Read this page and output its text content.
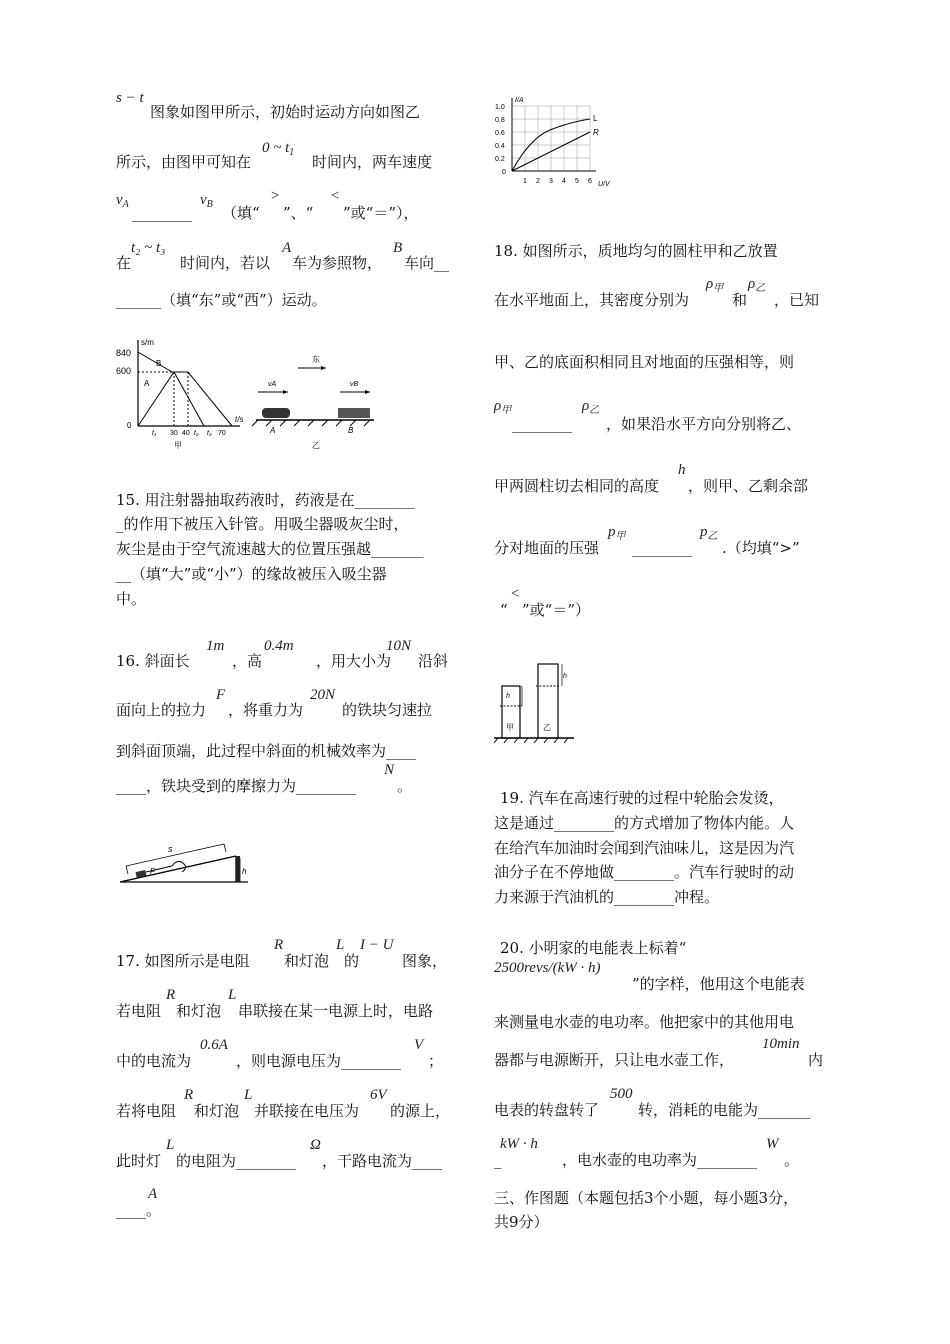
s − t
图象如图甲所示，初始时运动方向如图乙
所示，由图甲可知在
0 ~ $t_1$
时间内，两车速度
$v_A$ ________
$v_B$ （填“
>
”、“
<
”或“＝”），
在
t₂ ~ t₃
时间内，若以
A
车为参照物，
B
车向__
______（填“东”或“西”）运动。
s/m
t/s
840
600
0
B
A
t₁ 30 40 t₂ t₃ 70
甲
东
vA	vB
A	B
乙
15. 用注射器抽取药液时，药液是在________
_的作用下被压入针管。用吸尘器吸灰尘时，
灰尘是由于空气流速越大的位置压强越_______
__（填“大”或“小”）的缘故被压入吸尘器
中。
16. 斜面长
1m
，高
0.4m
，用大小为
10N
沿斜
面向上的拉力
F
，将重力为
20N
的铁块匀速拉
到斜面顶端，此过程中斜面的机械效率为____
____，铁块受到的摩擦力为________
N
。
s
F	h
17. 如图所示是电阻
R
和灯泡
L
的
I − U
图象，
若电阻
R
和灯泡
L
串联接在某一电源上时，电路
中的电流为
0.6A
，则电源电压为________
V
；
若将电阻
R
和灯泡
L
并联接在电压为
6V
的源上，
此时灯
L
的电阻为________
Ω
，干路电流为____
A
____。
I/A
U/V
1.0
0.8
0.6
0.4
0.2
0
1 2 3 4 5 6
L
R
18. 如图所示，质地均匀的圆柱甲和乙放置
在水平地面上，其密度分别为
$\rho_甲$
和
$\rho_乙$
，已知
甲、乙的底面积相同且对地面的压强相等，则
$\rho_甲$
________
$\rho_乙$
，如果沿水平方向分别将乙、
甲两圆柱切去相同的高度
h
，则甲、乙剩余部
分对地面的压强
$p_甲$
________
$p_乙$
.（均填“>”
“
<
”或“＝”）
h
h
甲	乙
19. 汽车在高速行驶的过程中轮胎会发烫，
这是通过________的方式增加了物体内能。人
在给汽车加油时会闻到汽油味儿，这是因为汽
油分子在不停地做________。汽车行驶时的动
力来源于汽油机的________冲程。
20. 小明家的电能表上标着“
2500revs/(kW · h)
”的字样，他用这个电能表
来测量电水壶的电功率。他把家中的其他用电
器都与电源断开，只让电水壶工作，
10min
内
电表的转盘转了
500
转，消耗的电能为_______
kW · h
_	，电水壶的电功率为________
W
。
三、作图题（本题包括3个小题，每小题3分，
共9分）
